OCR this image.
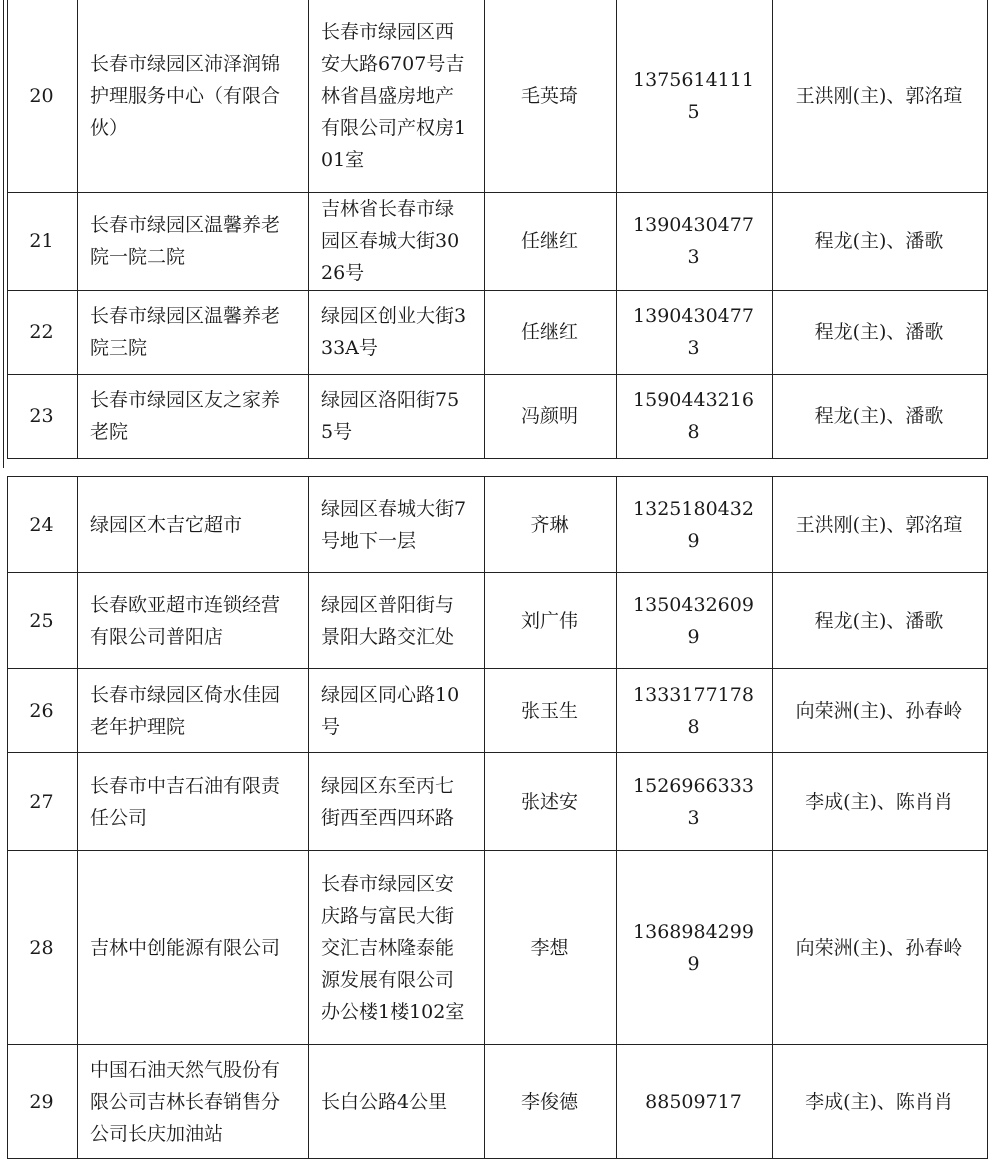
20	长春市绿园区沛泽润锦护理服务中心（有限合伙）	长春市绿园区西安大路6707号吉林省昌盛房地产有限公司产权房101室	毛英琦	13756141115	王洪刚(主)、郭洺瑄
21	长春市绿园区温馨养老院一院二院	吉林省长春市绿园区春城大街3026号	任继红	13904304773	程龙(主)、潘歌
22	长春市绿园区温馨养老院三院	绿园区创业大街333A号	任继红	13904304773	程龙(主)、潘歌
23	长春市绿园区友之家养老院	绿园区洛阳街755号	冯颜明	15904432168	程龙(主)、潘歌
24	绿园区木吉它超市	绿园区春城大街7号地下一层	齐琳	13251804329	王洪刚(主)、郭洺瑄
25	长春欧亚超市连锁经营有限公司普阳店	绿园区普阳街与景阳大路交汇处	刘广伟	13504326099	程龙(主)、潘歌
26	长春市绿园区倚水佳园老年护理院	绿园区同心路10号	张玉生	13331771788	向荣洲(主)、孙春岭
27	长春市中吉石油有限责任公司	绿园区东至丙七街西至西四环路	张述安	15269663333	李成(主)、陈肖肖
28	吉林中创能源有限公司	长春市绿园区安庆路与富民大街交汇吉林隆泰能源发展有限公司办公楼1楼102室	李想	13689842999	向荣洲(主)、孙春岭
29	中国石油天然气股份有限公司吉林长春销售分公司长庆加油站	长白公路4公里	李俊德	88509717	李成(主)、陈肖肖
